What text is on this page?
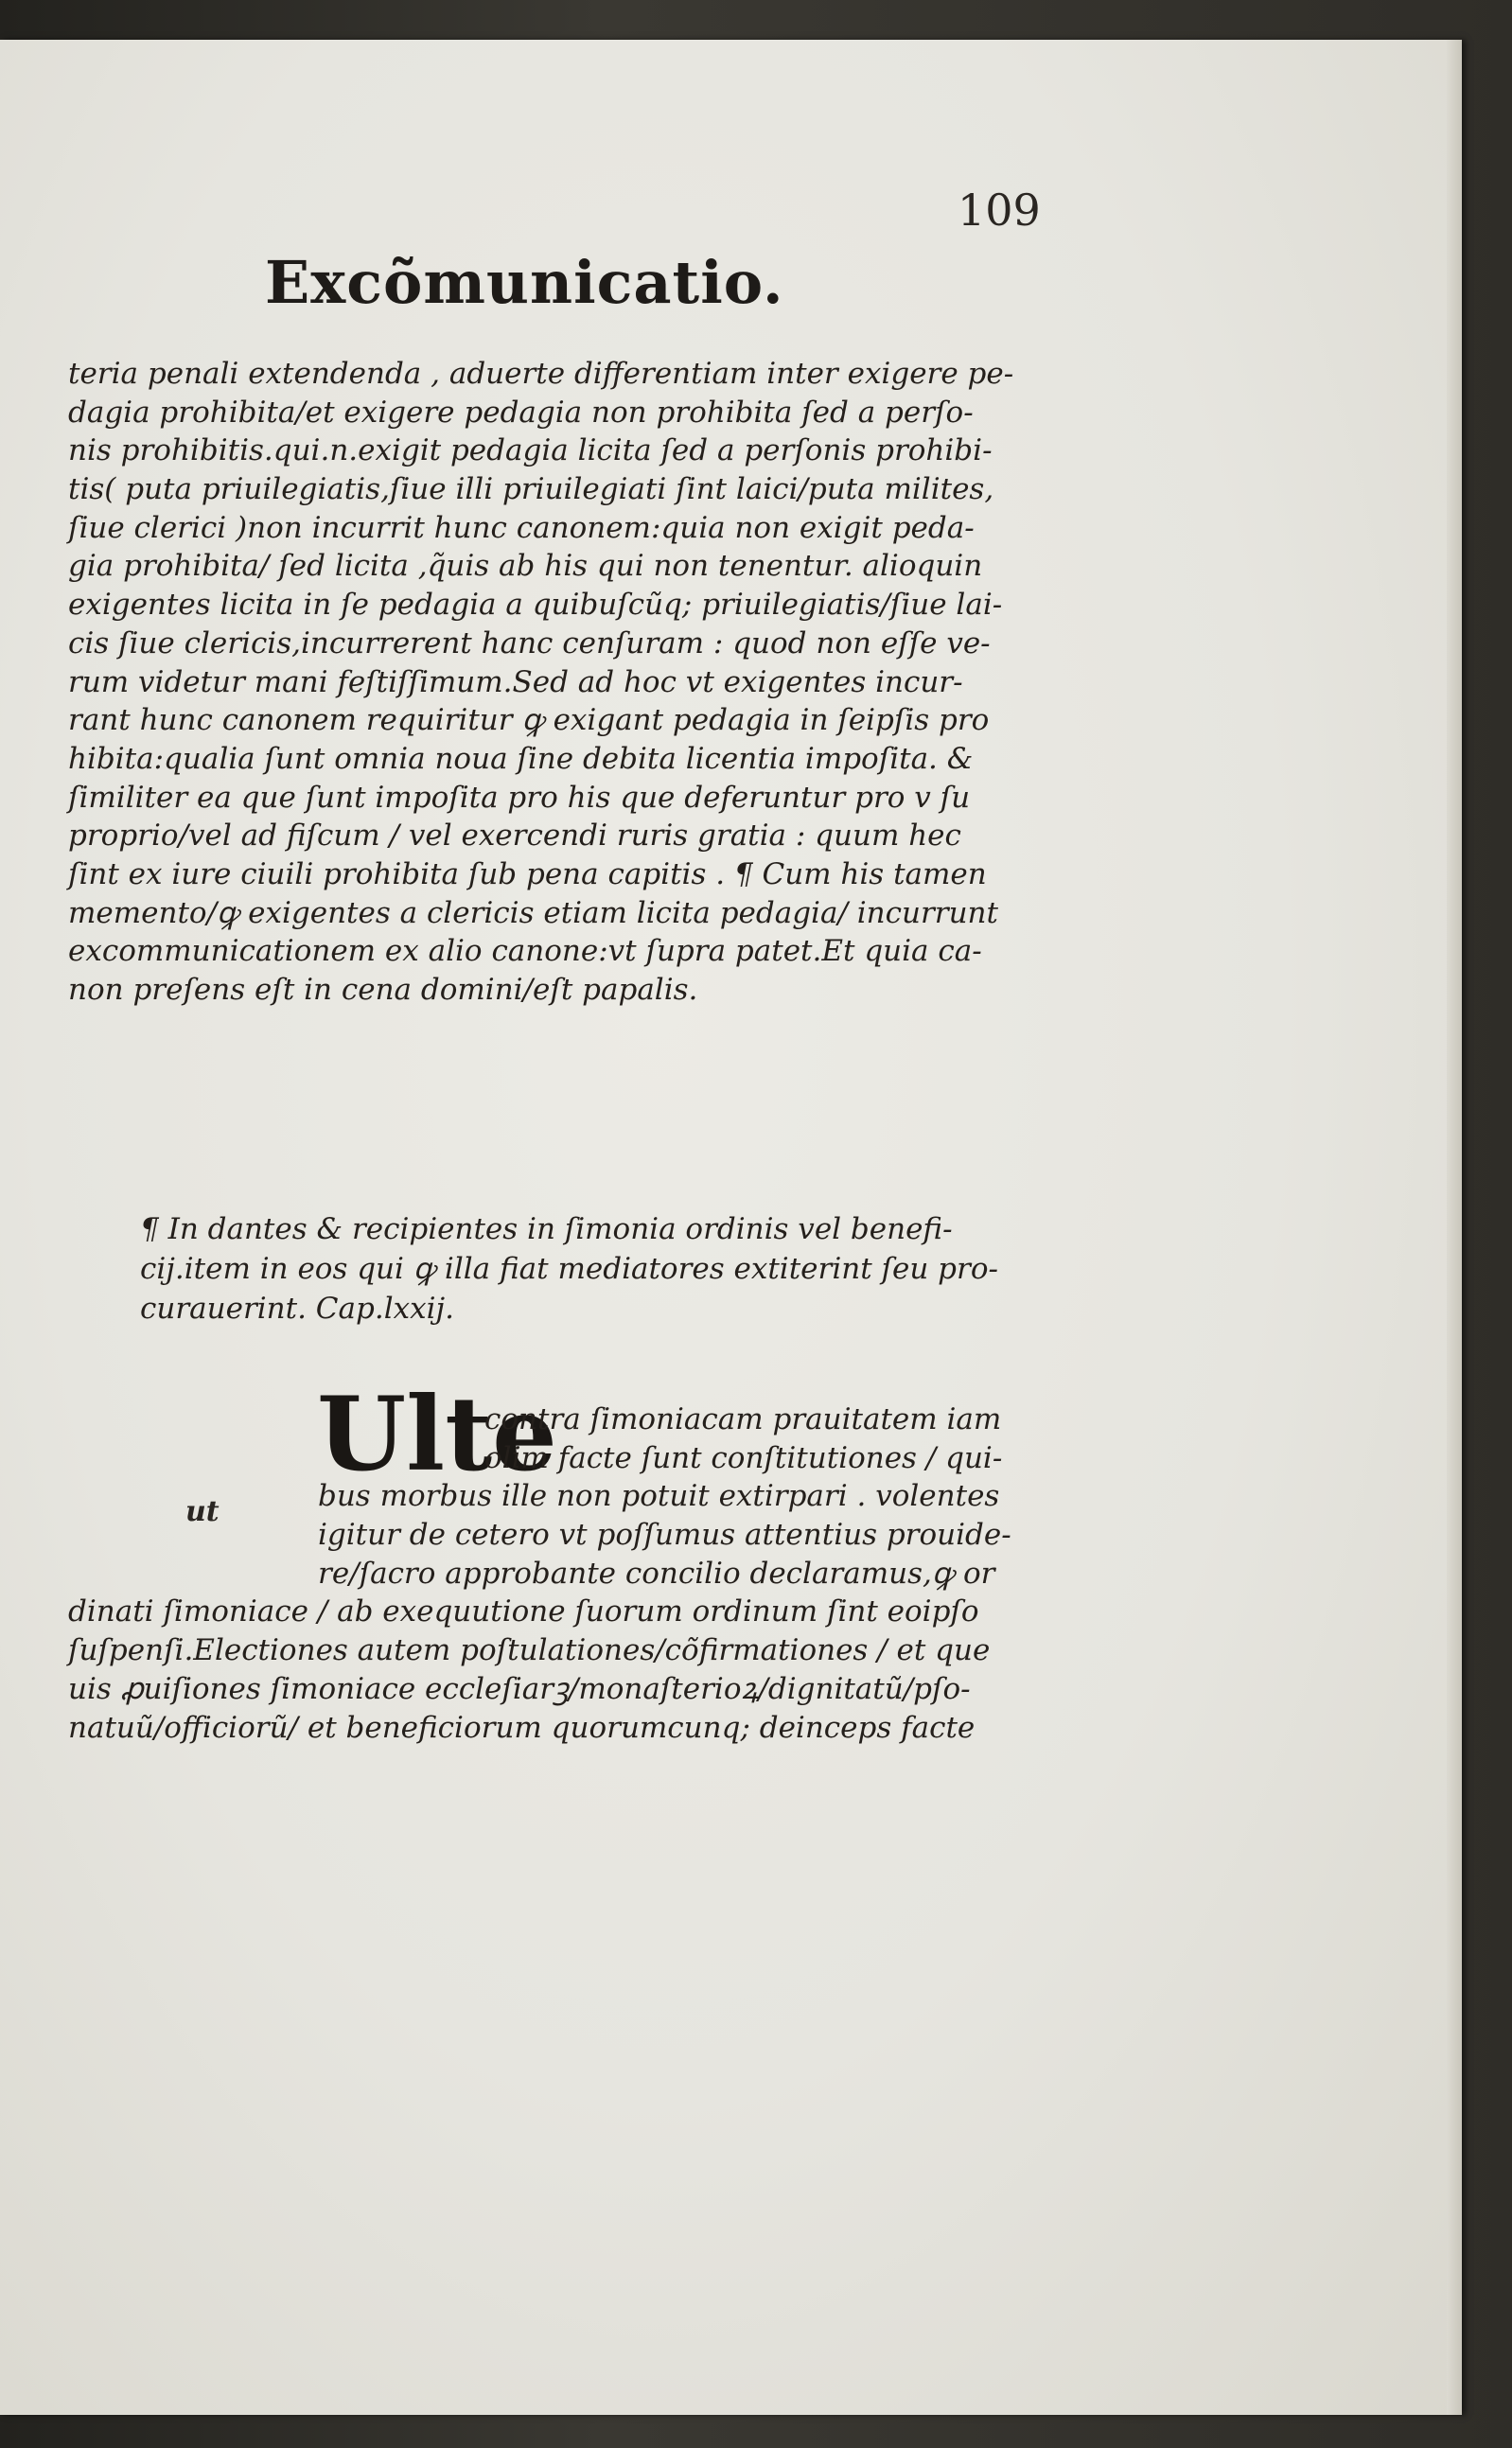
109
Excõmunicatio.
teria penali extendenda , aduerte differentiam inter exigere pe-
dagia prohibita/et exigere pedagia non prohibita ſed a perſo-
nis prohibitis.qui.n.exigit pedagia licita ſed a perſonis prohibi-
tis( puta priuilegiatis,ſiue illi priuilegiati ſint laici/puta milites,
ſiue clerici )non incurrit hunc canonem:quia non exigit peda-
gia prohibita/ ſed licita ,q̃uis ab his qui non tenentur. alioquin
exigentes licita in ſe pedagia a quibuſcũq; priuilegiatis/ſiue lai-
cis ſiue clericis,incurrerent hanc cenſuram : quod non eſſe ve-
rum videtur mani feſtiſſimum.Sed ad hoc vt exigentes incur-
rant hunc canonem requiritur ꝙ exigant pedagia in ſeipſis pro
hibita:qualia ſunt omnia noua ſine debita licentia impoſita. &
ſimiliter ea que ſunt impoſita pro his que deferuntur pro v ſu
proprio/vel ad fiſcum / vel exercendi ruris gratia : quum hec
ſint ex iure ciuili prohibita ſub pena capitis . ¶ Cum his tamen
memento/ꝙ exigentes a clericis etiam licita pedagia/ incurrunt
excommunicationem ex alio canone:vt ſupra patet.Et quia ca-
non preſens eſt in cena domini/eſt papalis.
¶ In dantes & recipientes in ſimonia ordinis vel benefi-
cij.item in eos qui ꝙ illa fiat mediatores extiterint ſeu pro-
curauerint. Cap.lxxij.
Ulte
ut
contra ſimoniacam prauitatem iam
olim facte ſunt conſtitutiones / qui-
bus morbus ille non potuit extirpari . volentes
igitur de cetero vt poſſumus attentius prouide-
re/ſacro approbante concilio declaramus,ꝙ or
dinati ſimoniace / ab exequutione ſuorum ordinum ſint eoipſo
ſuſpenſi.Electiones autem poſtulationes/cõfirmationes / et que
uis ꝓuiſiones ſimoniace eccleſiarꝫ/monaſterioꝝ/dignitatũ/pſo-
natuũ/officiorũ/ et beneficiorum quorumcunq; deinceps facte
